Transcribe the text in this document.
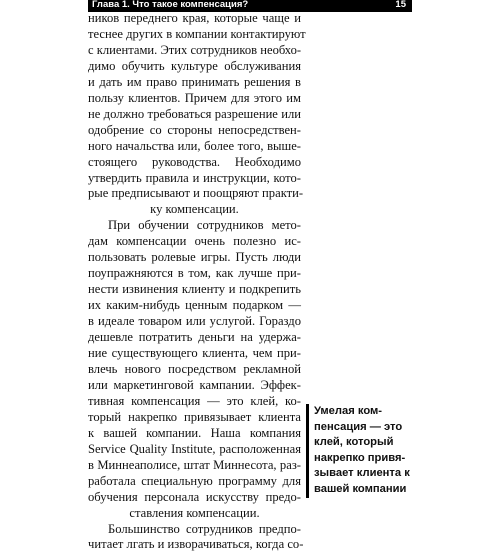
Глава 1. Что такое компенсация?	15
ников переднего края, которые чаще и
теснее других в компании контактируют
с клиентами. Этих сотрудников необхо-
димо обучить культуре обслуживания
и дать им право принимать решения в
пользу клиентов. Причем для этого им
не должно требоваться разрешение или
одобрение со стороны непосредствен-
ного начальства или, более того, выше-
стоящего руководства. Необходимо
утвердить правила и инструкции, кото-
рые предписывают и поощряют практи-
ку компенсации.
При обучении сотрудников мето-
дам компенсации очень полезно ис-
пользовать ролевые игры. Пусть люди
поупражняются в том, как лучше при-
нести извинения клиенту и подкрепить
их каким-нибудь ценным подарком —
в идеале товаром или услугой. Гораздо
дешевле потратить деньги на удержа-
ние существующего клиента, чем при-
влечь нового посредством рекламной
или маркетинговой кампании. Эффек-
тивная компенсация — это клей, ко-
торый накрепко привязывает клиента
к вашей компании. Наша компания
Service Quality Institute, расположенная
в Миннеаполисе, штат Миннесота, раз-
работала специальную программу для
обучения персонала искусству предо-
ставления компенсации.
Большинство сотрудников предпо-
читает лгать и изворачиваться, когда со-
Умелая ком-
пенсация — это
клей, который
накрепко привя-
зывает клиента к
вашей компании
